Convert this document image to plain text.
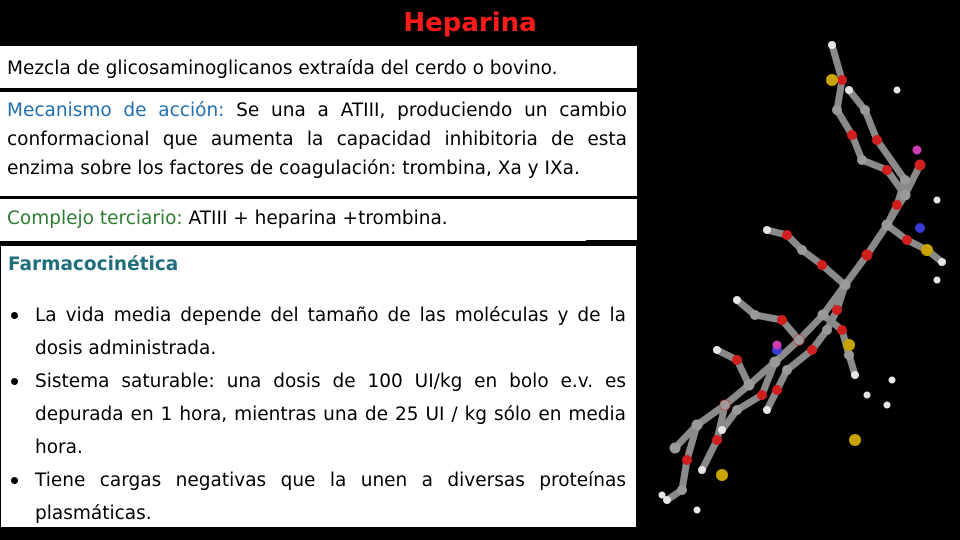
Heparina
Mezcla de glicosaminoglicanos extraída del cerdo o bovino.
Mecanismo de acción: Se una a ATIII, produciendo un cambio conformacional que aumenta la capacidad inhibitoria de esta enzima sobre los factores de coagulación: trombina, Xa y IXa.
Complejo terciario: ATIII + heparina +trombina.
Farmacocinética
La vida media depende del tamaño de las moléculas y de la dosis administrada.
Sistema saturable: una dosis de 100 UI/kg en bolo e.v. es depurada en 1 hora, mientras una de 25 UI / kg sólo en media hora.
Tiene cargas negativas que la unen a diversas proteínas plasmáticas.
